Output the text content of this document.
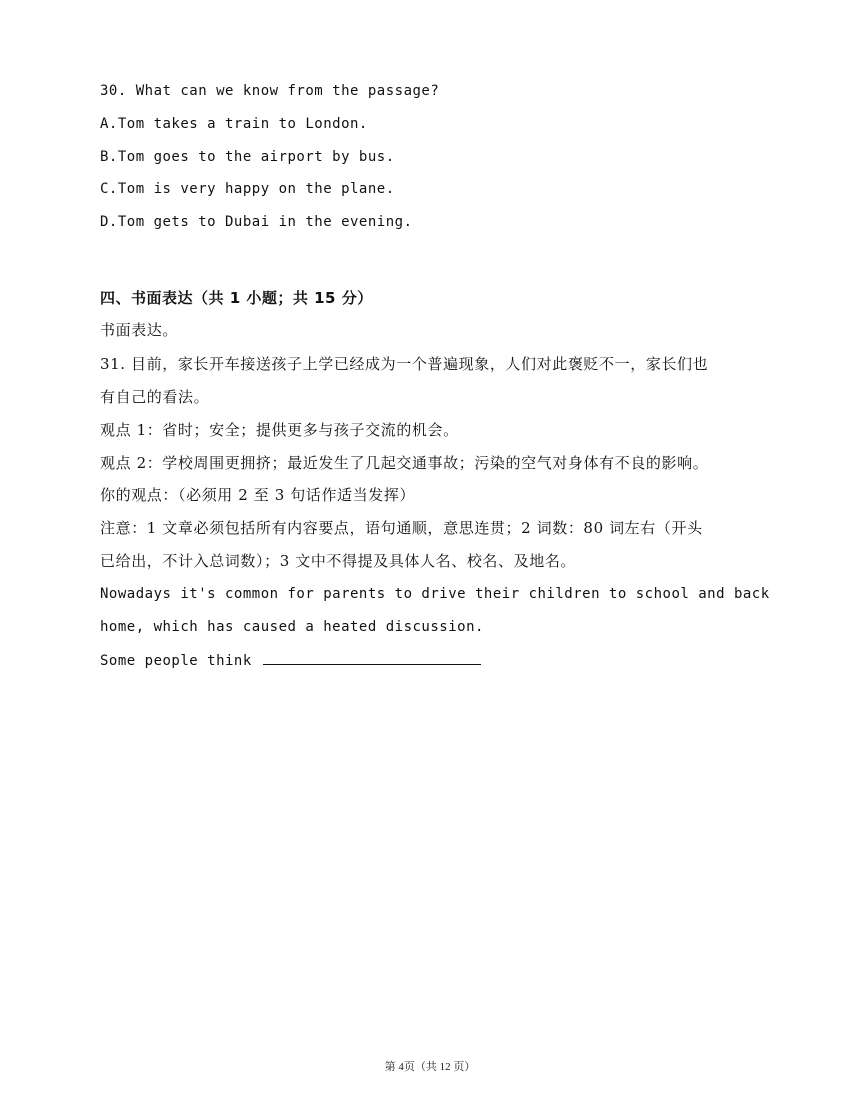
30. What can we know from the passage?
A.Tom takes a train to London.
B.Tom goes to the airport by bus.
C.Tom is very happy on the plane.
D.Tom gets to Dubai in the evening.
四、书面表达（共 1 小题；共 15 分）
书面表达。
31. 目前，家长开车接送孩子上学已经成为一个普遍现象，人们对此褒贬不一，家长们也
有自己的看法。
观点 1：省时；安全；提供更多与孩子交流的机会。
观点 2：学校周围更拥挤；最近发生了几起交通事故；污染的空气对身体有不良的影响。
你的观点：（必须用 2 至 3 句话作适当发挥）
注意：1 文章必须包括所有内容要点，语句通顺，意思连贯；2 词数：80 词左右（开头
已给出，不计入总词数）；3 文中不得提及具体人名、校名、及地名。
Nowadays it's common for parents to drive their children to school and back
home, which has caused a heated discussion.
Some people think
第 4页（共 12 页）
